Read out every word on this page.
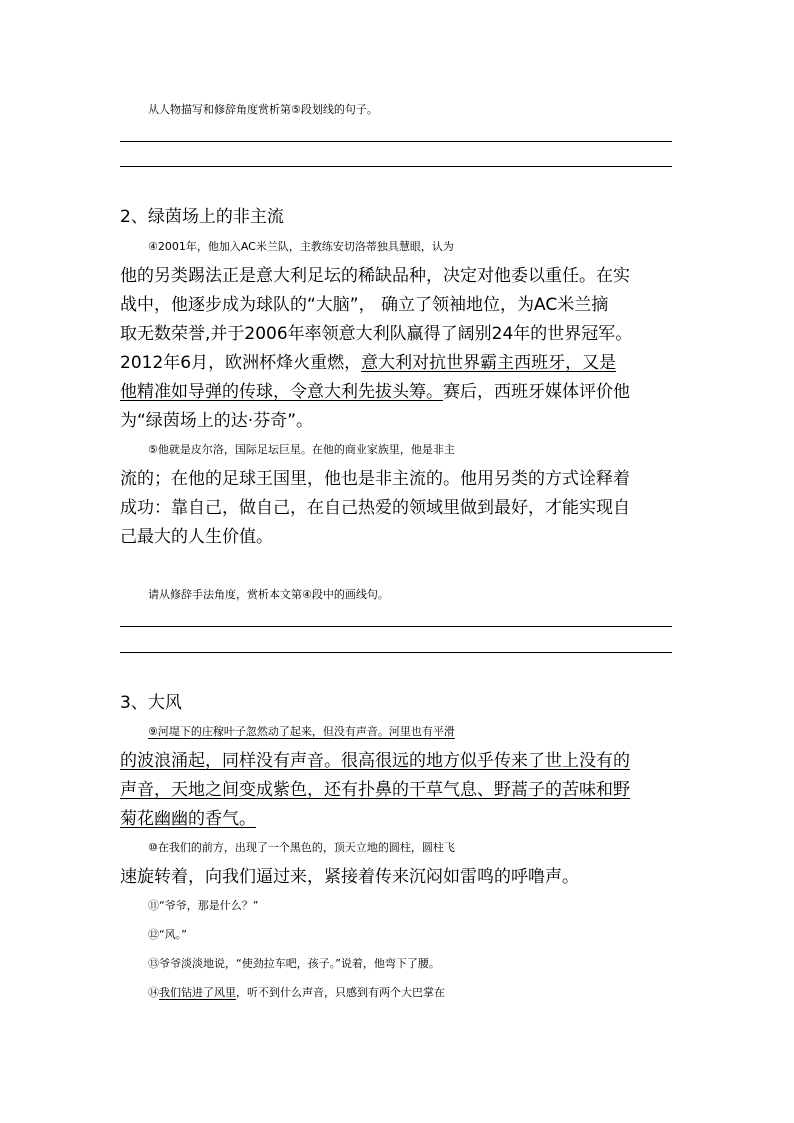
从人物描写和修辞角度赏析第⑤段划线的句子。
2、绿茵场上的非主流
④2001年，他加入AC米兰队，主教练安切洛蒂独具慧眼，认为
他的另类踢法正是意大利足坛的稀缺品种，决定对他委以重任。在实
战中，他逐步成为球队的“大脑”， 确立了领袖地位，为AC米兰摘
取无数荣誉,并于2006年率领意大利队赢得了阔别24年的世界冠军。
2012年6月，欧洲杯烽火重燃，意大利对抗世界霸主西班牙，又是
他精准如导弹的传球，令意大利先拔头筹。赛后，西班牙媒体评价他
为“绿茵场上的达·芬奇”。
⑤他就是皮尔洛，国际足坛巨星。在他的商业家族里，他是非主
流的；在他的足球王国里，他也是非主流的。他用另类的方式诠释着
成功：靠自己，做自己，在自己热爱的领域里做到最好，才能实现自
己最大的人生价值。
请从修辞手法角度，赏析本文第④段中的画线句。
3、大风
⑨河堤下的庄稼叶子忽然动了起来，但没有声音。河里也有平滑
的波浪涌起，同样没有声音。很高很远的地方似乎传来了世上没有的
声音，天地之间变成紫色，还有扑鼻的干草气息、野蒿子的苦味和野
菊花幽幽的香气。
⑩在我们的前方，出现了一个黑色的，顶天立地的圆柱，圆柱飞
速旋转着，向我们逼过来，紧接着传来沉闷如雷鸣的呼噜声。
⑪“爷爷，那是什么？”
⑫“风。”
⑬爷爷淡淡地说，“使劲拉车吧，孩子。”说着，他弯下了腰。
⑭我们钻进了风里，听不到什么声音，只感到有两个大巴掌在
